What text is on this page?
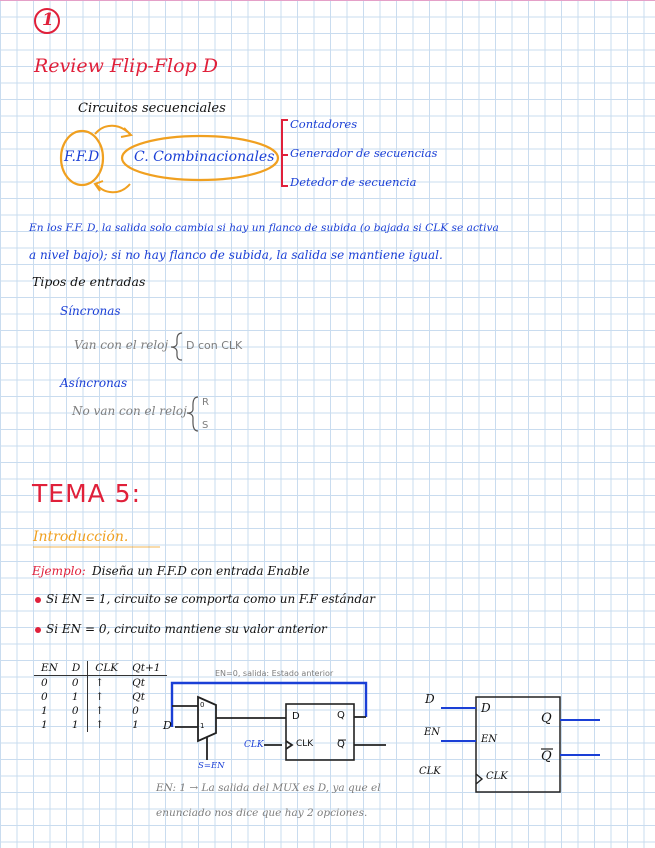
1
Review Flip-Flop D
Circuitos secuenciales
F.F.D C. Combinacionales
Contadores
Generador de secuencias
Detedor de secuencia
En los F.F. D, la salida solo cambia si hay un flanco de subida (o bajada si CLK se activa
a nivel bajo); si no hay flanco de subida, la salida se mantiene igual.
Tipos de entradas
Síncronas
Van con el reloj D con CLK
Asíncronas
No van con el reloj
R
S
TEMA 5:
Introducción.
Ejemplo: Diseña un F.F.D con entrada Enable
Si EN = 1, circuito se comporta como un F.F estándar
Si EN = 0, circuito mantiene su valor anterior
EN	D	CLK	Qt+1
0	0	↑	Qt
0	1	↑	Qt
1	0	↑	0
1	1	↑	1
EN=0, salida: Estado anterior
0
1
D
S=EN
D	Q
CLK Q
CLK
EN: 1 → La salida del MUX es D, ya que el
enunciado nos dice que hay 2 opciones.
D
EN
CLK
D
EN
CLK
Q
Q
